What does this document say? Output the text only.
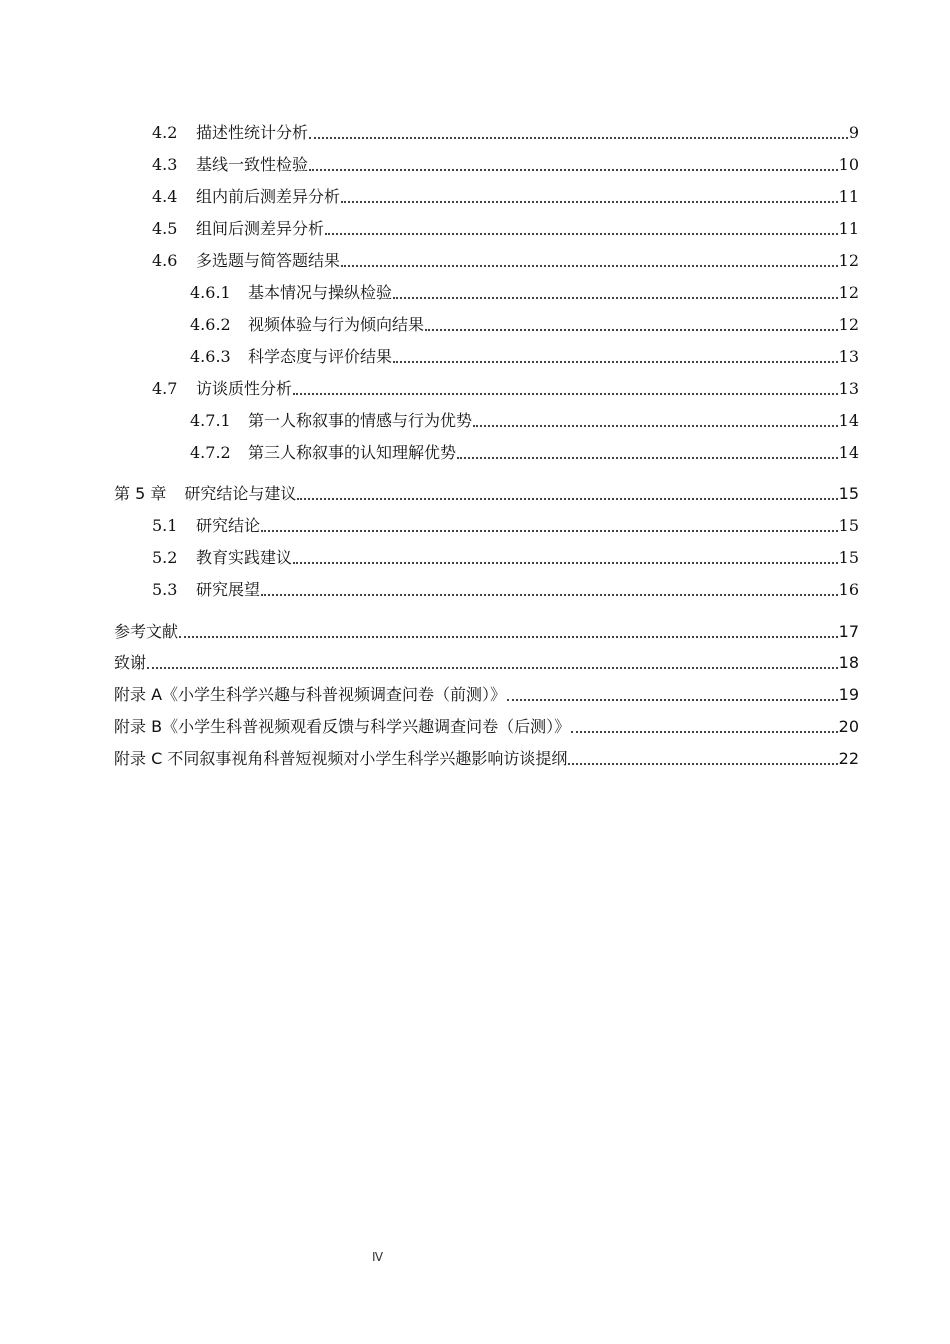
4.2	描述性统计分析	9
4.3	基线一致性检验	10
4.4	组内前后测差异分析	11
4.5	组间后测差异分析	11
4.6	多选题与简答题结果	12
4.6.1	基本情况与操纵检验	12
4.6.2	视频体验与行为倾向结果	12
4.6.3	科学态度与评价结果	13
4.7	访谈质性分析	13
4.7.1	第一人称叙事的情感与行为优势	14
4.7.2	第三人称叙事的认知理解优势	14
第 5 章 研究结论与建议	15
5.1	研究结论	15
5.2	教育实践建议	15
5.3	研究展望	16
参考文献	17
致谢	18
附录 A《小学生科学兴趣与科普视频调查问卷（前测）》	19
附录 B《小学生科普视频观看反馈与科学兴趣调查问卷（后测）》	20
附录 C 不同叙事视角科普短视频对小学生科学兴趣影响访谈提纲	22
Ⅳ
